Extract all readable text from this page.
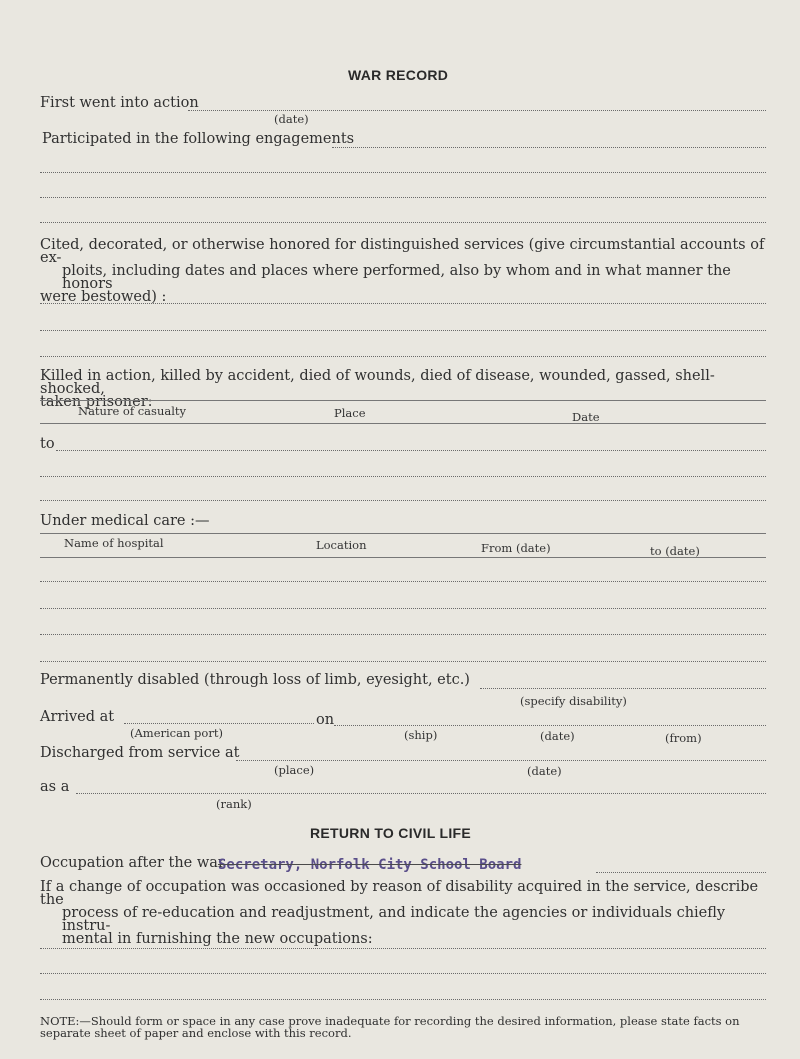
WAR RECORD
First went into action
(date)
Participated in the following engagements
Cited, decorated, or otherwise honored for distinguished services (give circumstantial accounts of ex-
ploits, including dates and places where performed, also by whom and in what manner the honors
were bestowed) :
Killed in action, killed by accident, died of wounds, died of disease, wounded, gassed, shell-shocked,
taken prisoner:
Nature of casualty	Place	Date
to
Under medical care :—
Name of hospital	Location	From (date)	to (date)
Permanently disabled (through loss of limb, eyesight, etc.)
(specify disability)
Arrived at	on
(American port)	(ship)	(date)	(from)
Discharged from service at
(place)	(date)
as a
(rank)
RETURN TO CIVIL LIFE
Occupation after the war
Secretary, Norfolk City School Board
If a change of occupation was occasioned by reason of disability acquired in the service, describe the
process of re-education and readjustment, and indicate the agencies or individuals chiefly instru-
mental in furnishing the new occupations:
NOTE:—Should form or space in any case prove inadequate for recording the desired information, please state facts on
separate sheet of paper and enclose with this record.
